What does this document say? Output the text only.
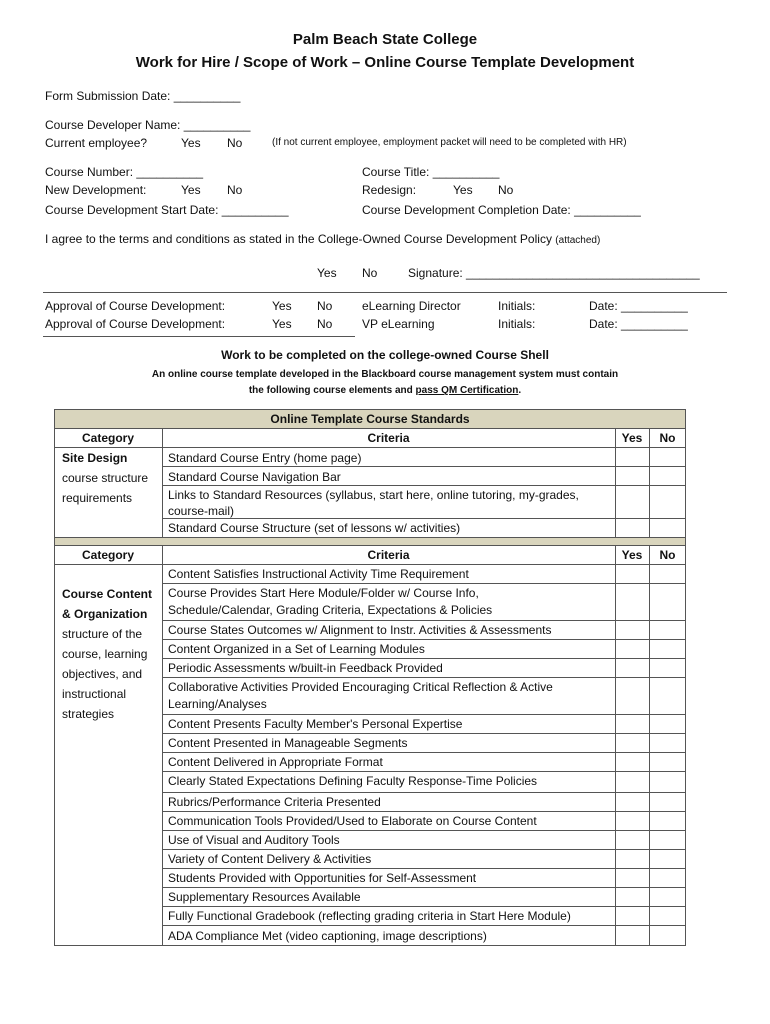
Palm Beach State College
Work for Hire / Scope of Work – Online Course Template Development
Form Submission Date: __________
Course Developer Name: __________
Current employee?	Yes No	(If not current employee, employment packet will need to be completed with HR)
Course Number: __________	Course Title: __________
New Development:	Yes No	Redesign:	Yes No
Course Development Start Date: __________	Course Development Completion Date: __________
I agree to the terms and conditions as stated in the College-Owned Course Development Policy (attached)
Yes No	Signature: ___________________________________
Approval of Course Development:	Yes No eLearning Director	Initials:	Date: __________
Approval of Course Development:	Yes No VP eLearning	Initials:	Date: __________
Work to be completed on the college-owned Course Shell
An online course template developed in the Blackboard course management system must contain
the following course elements and pass QM Certification.
Online Template Course Standards
Category	Criteria	Yes	No
Site Design
course structure
requirements
Standard Course Entry (home page)
Standard Course Navigation Bar
Links to Standard Resources (syllabus, start here, online tutoring, my-grades,
course-mail)
Standard Course Structure (set of lessons w/ activities)
Category	Criteria	Yes	No
Course Content
& Organization
structure of the
course, learning
objectives, and
instructional
strategies
Content Satisfies Instructional Activity Time Requirement
Course Provides Start Here Module/Folder w/ Course Info,
Schedule/Calendar, Grading Criteria, Expectations & Policies
Course States Outcomes w/ Alignment to Instr. Activities & Assessments
Content Organized in a Set of Learning Modules
Periodic Assessments w/built-in Feedback Provided
Collaborative Activities Provided Encouraging Critical Reflection & Active
Learning/Analyses
Content Presents Faculty Member's Personal Expertise
Content Presented in Manageable Segments
Content Delivered in Appropriate Format
Clearly Stated Expectations Defining Faculty Response-Time Policies
Rubrics/Performance Criteria Presented
Communication Tools Provided/Used to Elaborate on Course Content
Use of Visual and Auditory Tools
Variety of Content Delivery & Activities
Students Provided with Opportunities for Self-Assessment
Supplementary Resources Available
Fully Functional Gradebook (reflecting grading criteria in Start Here Module)
ADA Compliance Met (video captioning, image descriptions)
